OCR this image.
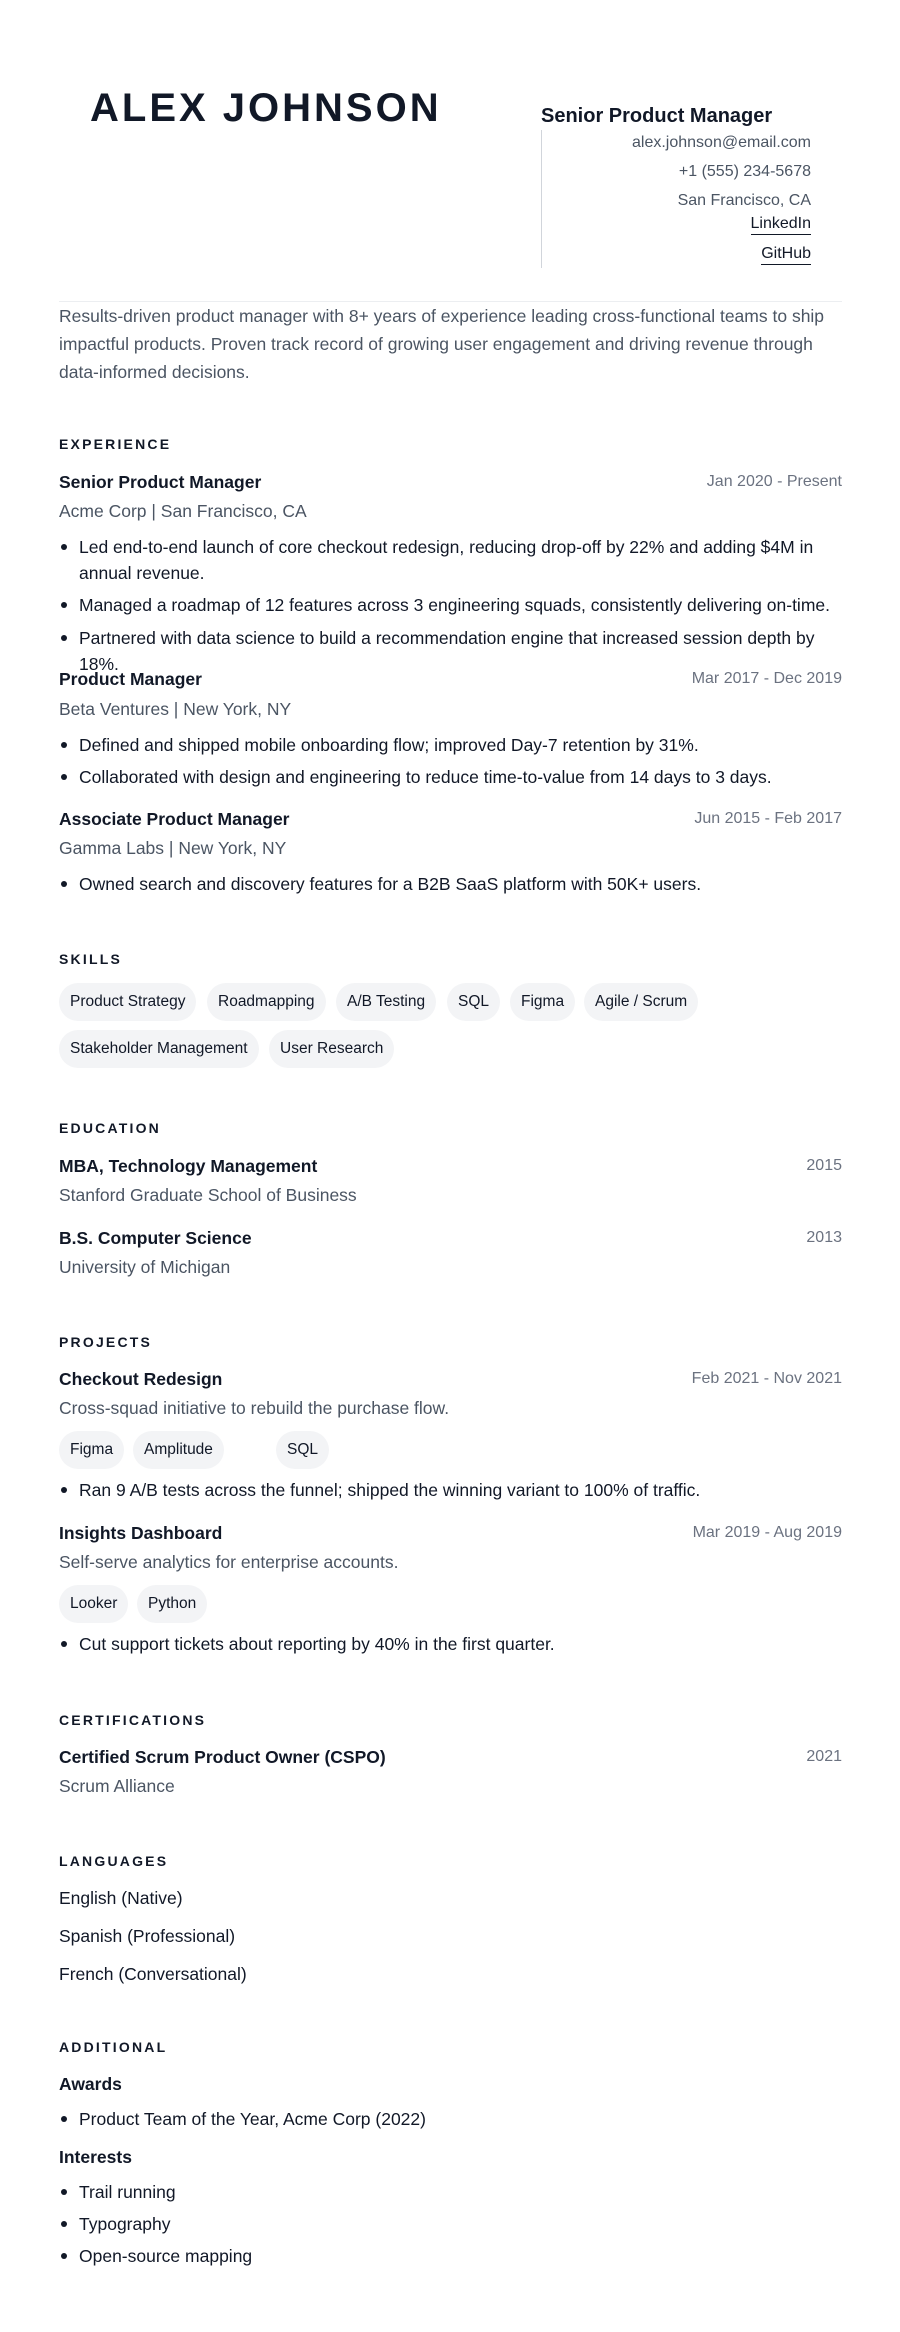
ALEX JOHNSON	Senior Product Manager
alex.johnson@email.com
+1 (555) 234-5678
San Francisco, CA
LinkedIn
GitHub
Results-driven product manager with 8+ years of experience leading cross-functional teams to ship impactful products. Proven track record of growing user engagement and driving revenue through data-informed decisions.
EXPERIENCE
Senior Product Manager	Jan 2020 - Present
Acme Corp | San Francisco, CA
Led end-to-end launch of core checkout redesign, reducing drop-off by 22% and adding $4M in annual revenue.
Managed a roadmap of 12 features across 3 engineering squads, consistently delivering on-time.
Partnered with data science to build a recommendation engine that increased session depth by 18%.
Product Manager	Mar 2017 - Dec 2019
Beta Ventures | New York, NY
Defined and shipped mobile onboarding flow; improved Day-7 retention by 31%.
Collaborated with design and engineering to reduce time-to-value from 14 days to 3 days.
Associate Product Manager	Jun 2015 - Feb 2017
Gamma Labs | New York, NY
Owned search and discovery features for a B2B SaaS platform with 50K+ users.
SKILLS
Product Strategy	Roadmapping	A/B Testing	SQL	Figma	Agile / Scrum
Stakeholder Management	User Research
EDUCATION
MBA, Technology Management	2015
Stanford Graduate School of Business
B.S. Computer Science	2013
University of Michigan
PROJECTS
Checkout Redesign	Feb 2021 - Nov 2021
Cross-squad initiative to rebuild the purchase flow.
Figma	Amplitude	SQL
Ran 9 A/B tests across the funnel; shipped the winning variant to 100% of traffic.
Insights Dashboard	Mar 2019 - Aug 2019
Self-serve analytics for enterprise accounts.
Looker	Python
Cut support tickets about reporting by 40% in the first quarter.
CERTIFICATIONS
Certified Scrum Product Owner (CSPO)	2021
Scrum Alliance
LANGUAGES
English (Native)
Spanish (Professional)
French (Conversational)
ADDITIONAL
Awards
Product Team of the Year, Acme Corp (2022)
Interests
Trail running
Typography
Open-source mapping
